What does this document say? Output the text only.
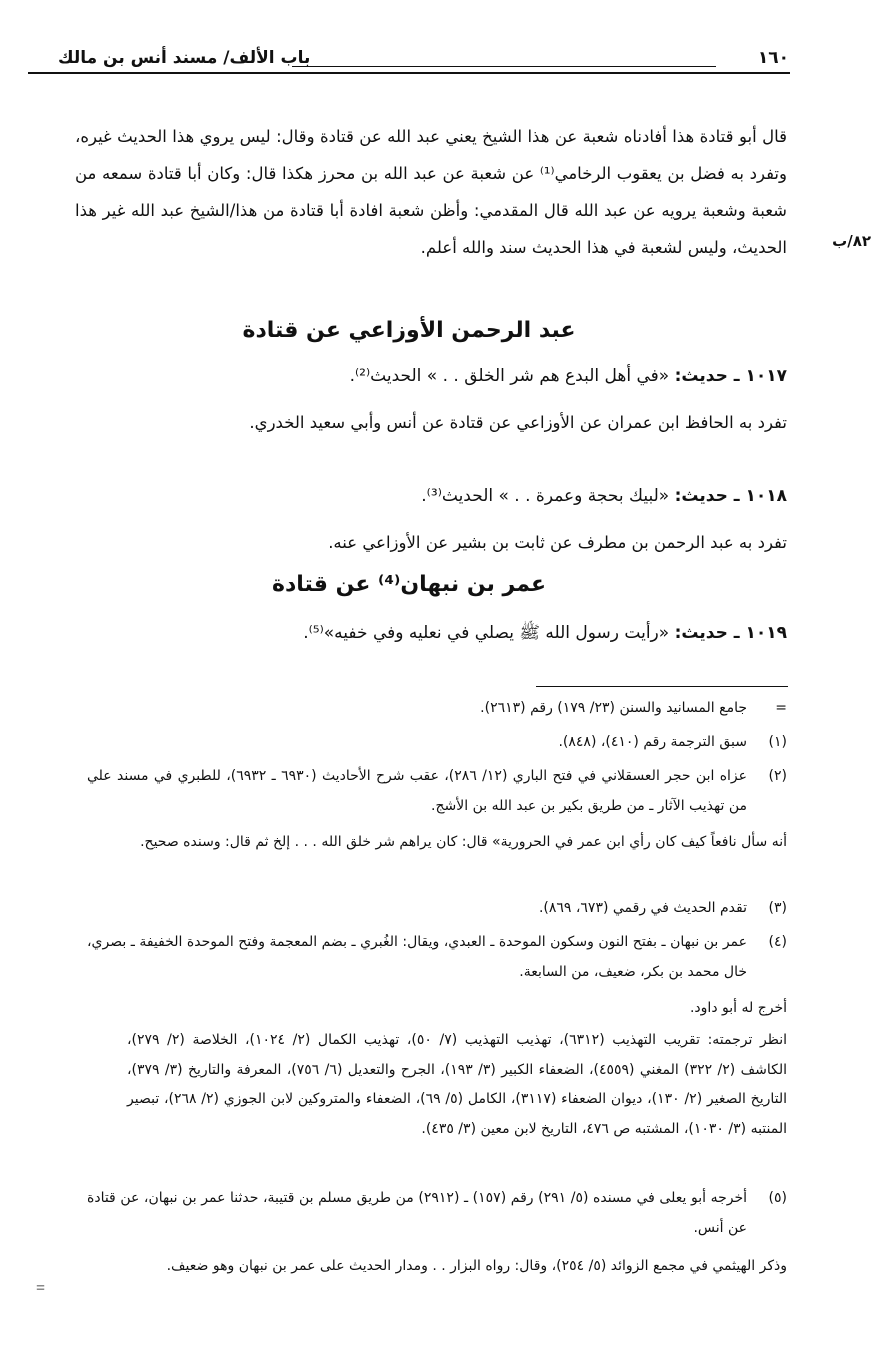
١٦٠
باب الألف/ مسند أنس بن مالك
قال أبو قتادة هذا أفادناه شعبة عن هذا الشيخ يعني عبد الله عن قتادة وقال: ليس يروي هذا الحديث غيره، وتفرد به فضل بن يعقوب الرخامي⁽¹⁾ عن شعبة عن عبد الله بن محرز هكذا قال: وكان أبا قتادة سمعه من شعبة وشعبة يرويه عن عبد الله قال المقدمي: وأظن شعبة افادة أبا قتادة من هذا/الشيخ عبد الله غير هذا الحديث، وليس لشعبة في هذا الحديث سند والله أعلم.	٨٢/ب
عبد الرحمن الأوزاعي عن قتادة
١٠١٧ ـ حديث: «في أهل البدع هم شر الخلق . . » الحديث⁽²⁾.
تفرد به الحافظ ابن عمران عن الأوزاعي عن قتادة عن أنس وأبي سعيد الخدري.
١٠١٨ ـ حديث: «لبيك بحجة وعمرة . . » الحديث⁽³⁾.
تفرد به عبد الرحمن بن مطرف عن ثابت بن بشير عن الأوزاعي عنه.
عمر بن نبهان⁽⁴⁾ عن قتادة
١٠١٩ ـ حديث: «رأيت رسول الله ﷺ يصلي في نعليه وفي خفيه»⁽⁵⁾.
=
جامع المسانيد والسنن (٢٣/ ١٧٩) رقم (٢٦١٣).
(١)
سبق الترجمة رقم (٤١٠)، (٨٤٨).
(٢)
عزاه ابن حجر العسقلاني في فتح الباري (١٢/ ٢٨٦)، عقب شرح الأحاديث (٦٩٣٠ ـ ٦٩٣٢)، للطبري في مسند علي من تهذيب الآثار ـ من طريق بكير بن عبد الله بن الأشج.
أنه سأل نافعاً كيف كان رأي ابن عمر في الحرورية» قال: كان يراهم شر خلق الله . . . إلخ ثم قال: وسنده صحيح.
(٣)
تقدم الحديث في رقمي (٦٧٣، ٨٦٩).
(٤)
عمر بن نبهان ـ بفتح النون وسكون الموحدة ـ العبدي، ويقال: الغُبري ـ بضم المعجمة وفتح الموحدة الخفيفة ـ بصري، خال محمد بن بكر، ضعيف، من السابعة.
أخرج له أبو داود.
انظر ترجمته: تقريب التهذيب (٦٣١٢)، تهذيب التهذيب (٧/ ٥٠)، تهذيب الكمال (٢/ ١٠٢٤)، الخلاصة (٢/ ٢٧٩)، الكاشف (٢/ ٣٢٢) المغني (٤٥٥٩)، الضعفاء الكبير (٣/ ١٩٣)، الجرح والتعديل (٦/ ٧٥٦)، المعرفة والتاريخ (٣/ ٣٧٩)، التاريخ الصغير (٢/ ١٣٠)، ديوان الضعفاء (٣١١٧)، الكامل (٥/ ٦٩)، الضعفاء والمتروكين لابن الجوزي (٢/ ٢٦٨)، تبصير المنتبه (٣/ ١٠٣٠)، المشتبه ص ٤٧٦، التاريخ لابن معين (٣/ ٤٣٥).
(٥)
أخرجه أبو يعلى في مسنده (٥/ ٢٩١) رقم (١٥٧) ـ (٢٩١٢) من طريق مسلم بن قتيبة، حدثنا عمر بن نبهان، عن قتادة عن أنس.
وذكر الهيثمي في مجمع الزوائد (٥/ ٢٥٤)، وقال: رواه البزار . . ومدار الحديث على عمر بن نبهان وهو ضعيف.
=
